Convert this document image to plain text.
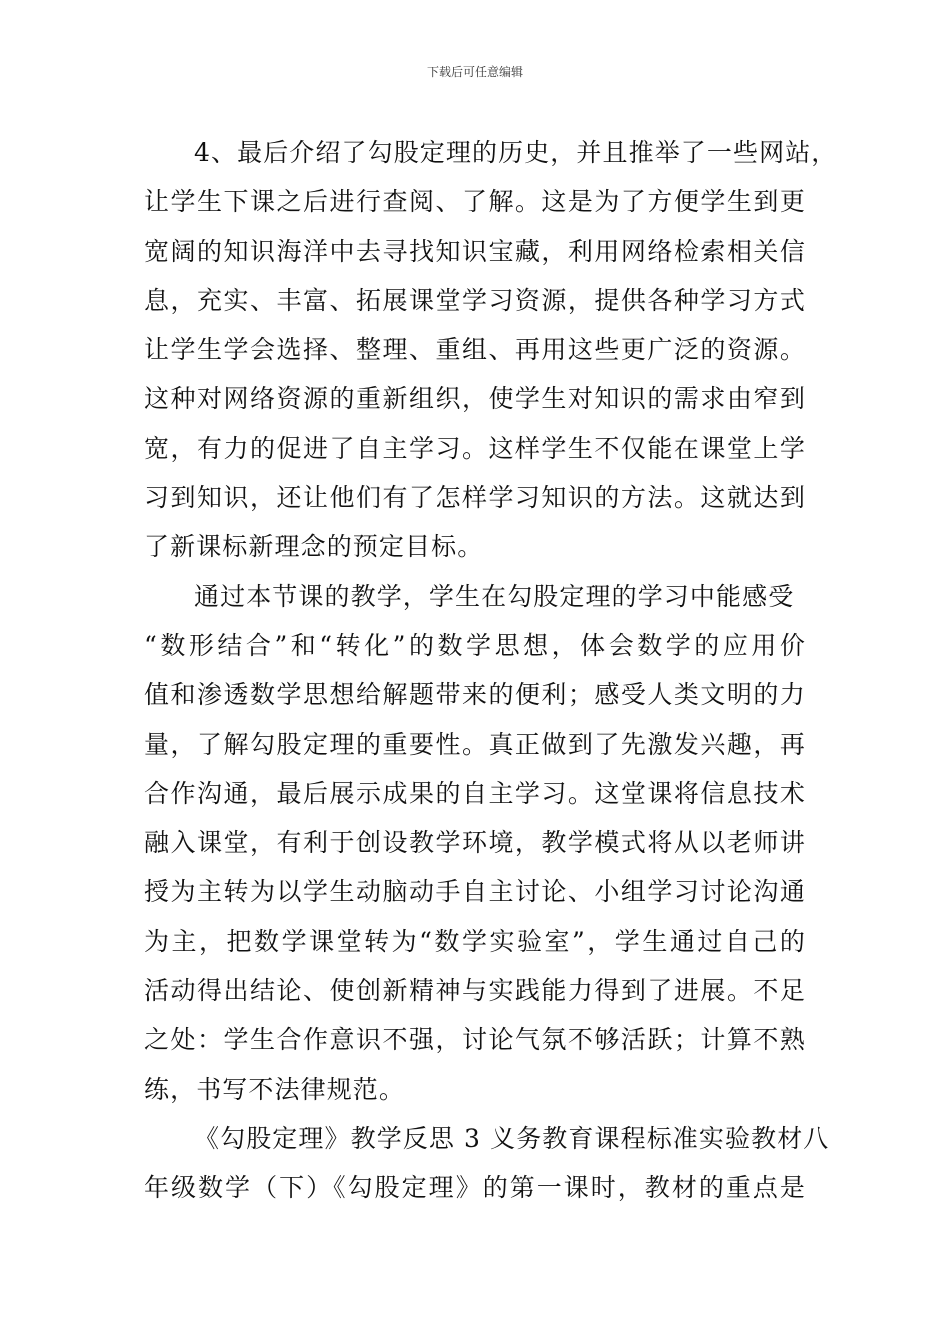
下载后可任意编辑
4、最后介绍了勾股定理的历史，并且推举了一些网站，
让学生下课之后进行查阅、了解。这是为了方便学生到更
宽阔的知识海洋中去寻找知识宝藏，利用网络检索相关信
息，充实、丰富、拓展课堂学习资源，提供各种学习方式
让学生学会选择、整理、重组、再用这些更广泛的资源。
这种对网络资源的重新组织，使学生对知识的需求由窄到
宽，有力的促进了自主学习。这样学生不仅能在课堂上学
习到知识，还让他们有了怎样学习知识的方法。这就达到
了新课标新理念的预定目标。
通过本节课的教学，学生在勾股定理的学习中能感受
“数形结合”和“转化”的数学思想，体会数学的应用价
值和渗透数学思想给解题带来的便利；感受人类文明的力
量，了解勾股定理的重要性。真正做到了先激发兴趣，再
合作沟通，最后展示成果的自主学习。这堂课将信息技术
融入课堂，有利于创设教学环境，教学模式将从以老师讲
授为主转为以学生动脑动手自主讨论、小组学习讨论沟通
为主，把数学课堂转为“数学实验室”，学生通过自己的
活动得出结论、使创新精神与实践能力得到了进展。不足
之处：学生合作意识不强，讨论气氛不够活跃；计算不熟
练，书写不法律规范。
《勾股定理》教学反思 3 义务教育课程标准实验教材八
年级数学（下）《勾股定理》的第一课时，教材的重点是
